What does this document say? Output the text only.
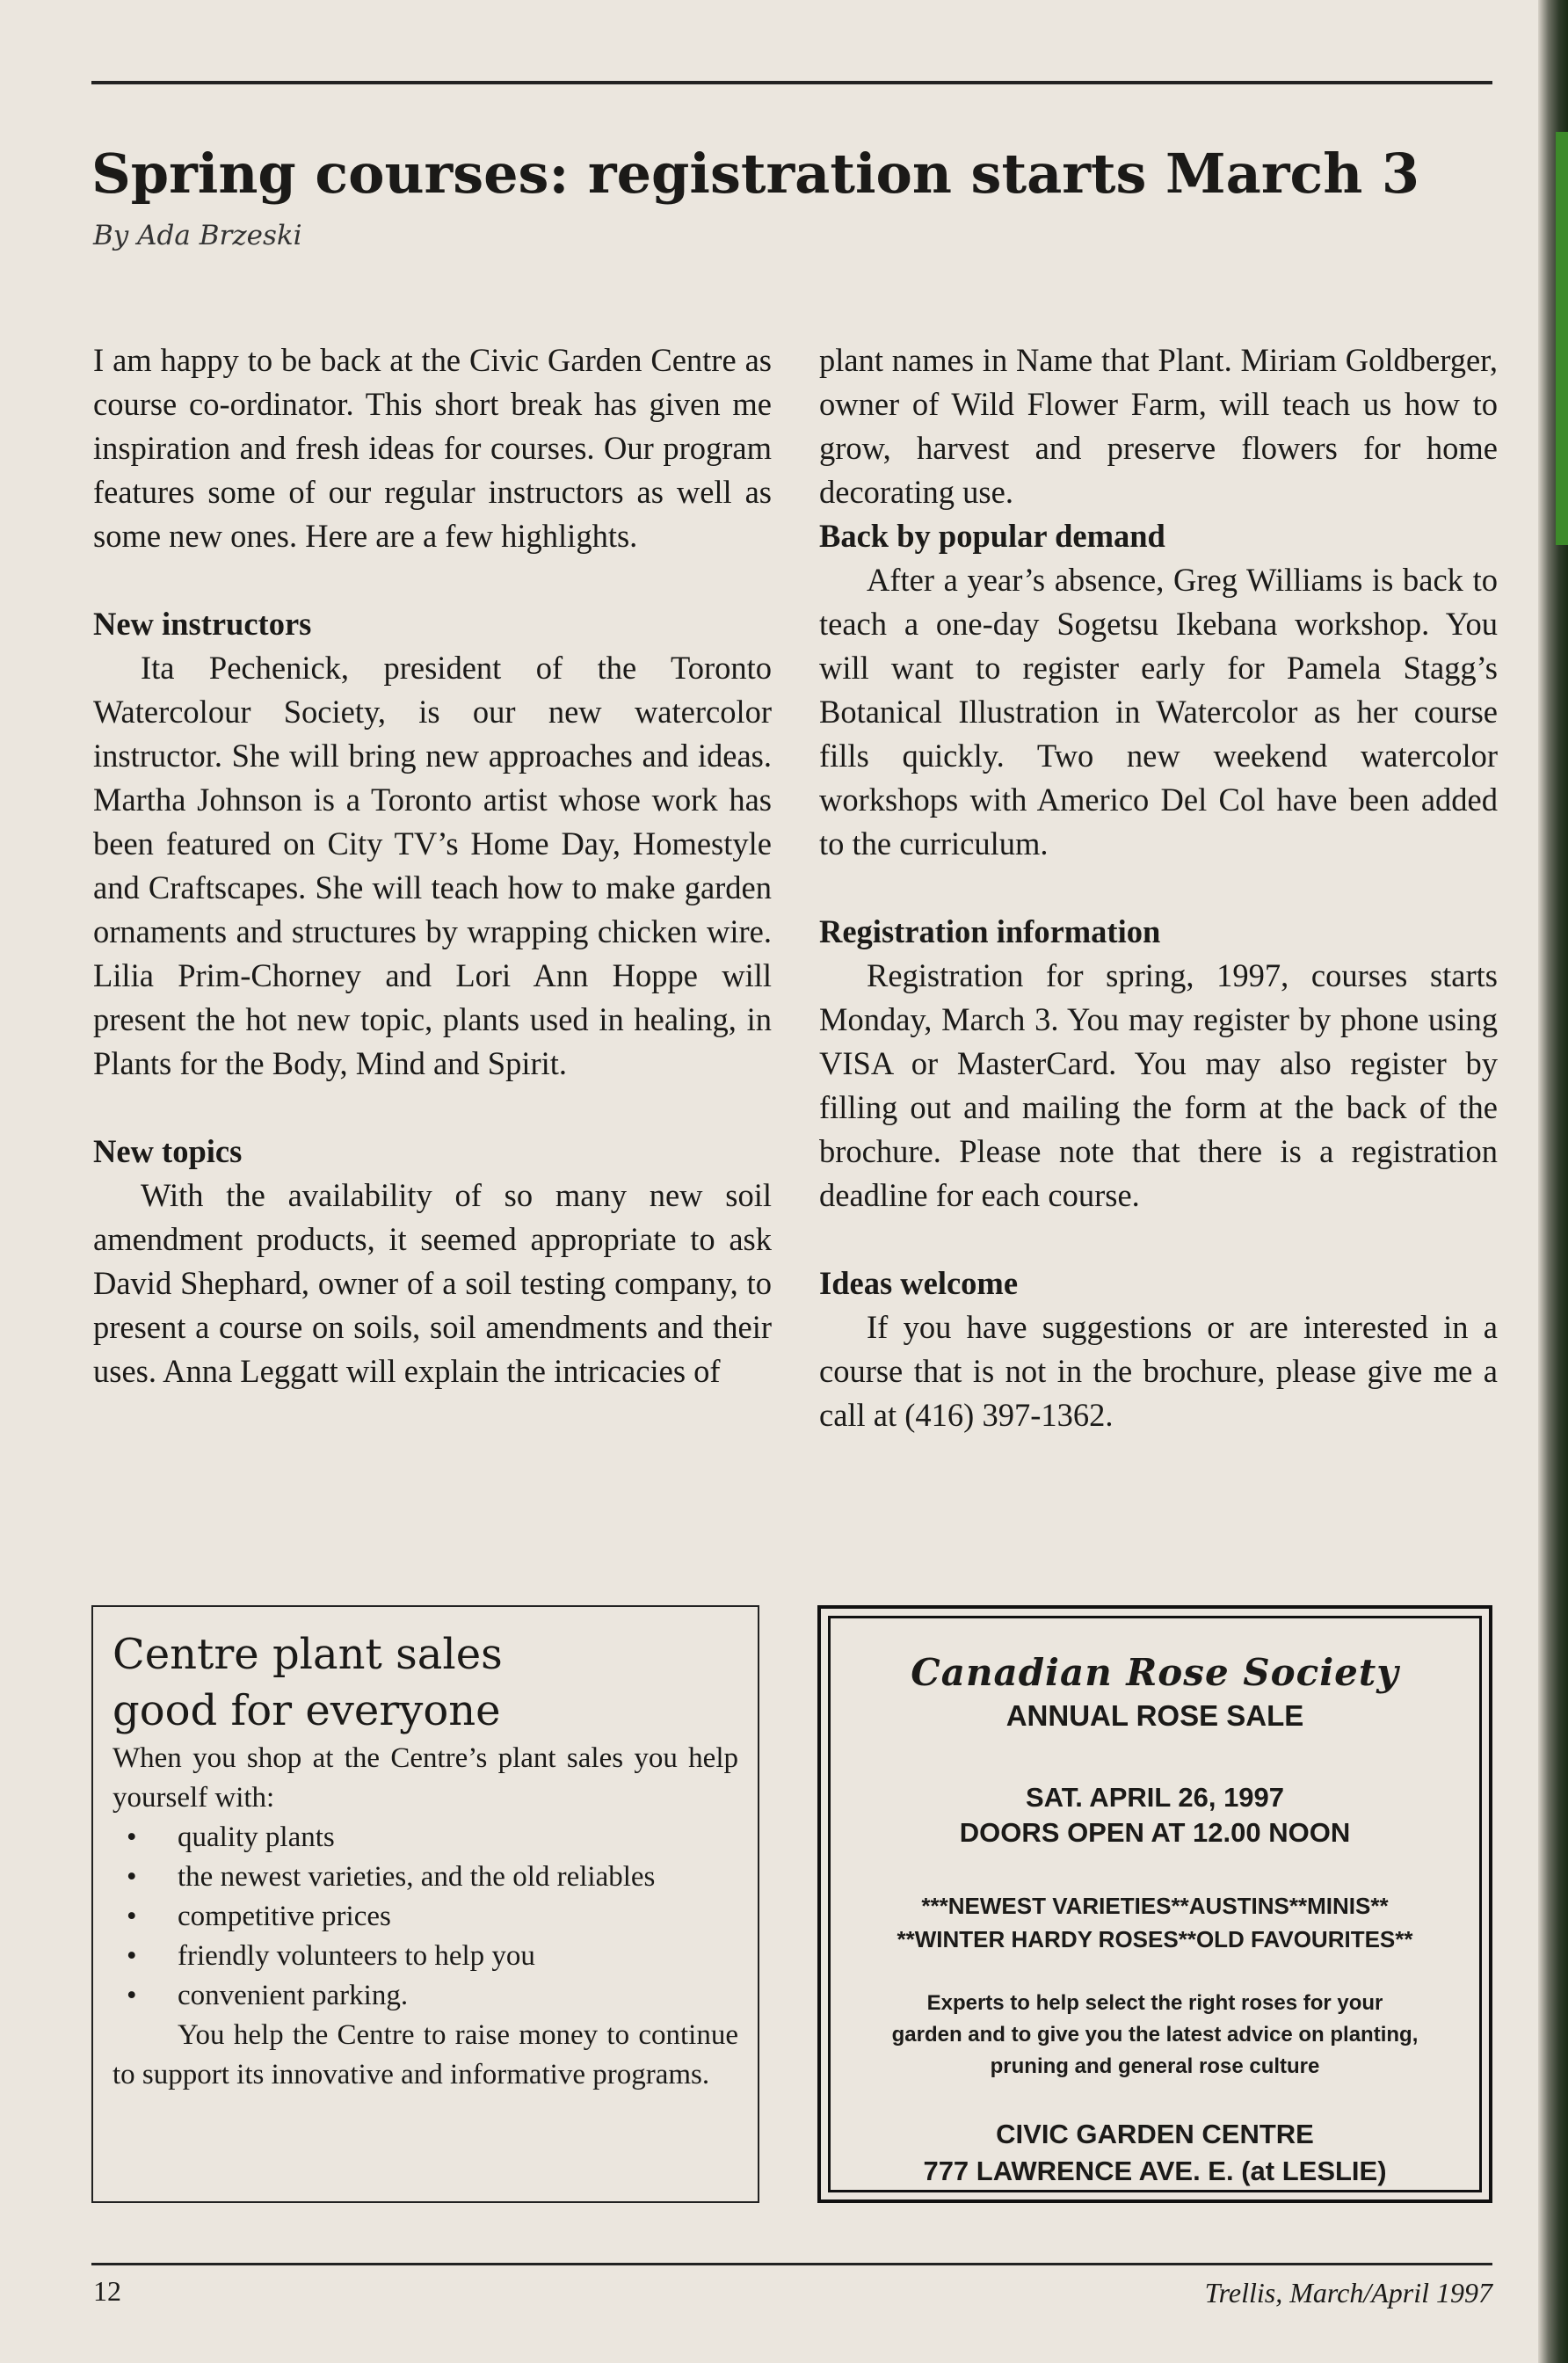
Spring courses: registration starts March 3
By Ada Brzeski

I am happy to be back at the Civic Garden Centre as course co-ordinator. This short break has given me inspiration and fresh ideas for courses. Our program features some of our regular instructors as well as some new ones. Here are a few highlights.

New instructors

Ita Pechenick, president of the Toronto Watercolour Society, is our new watercolor instructor. She will bring new approaches and ideas. Martha Johnson is a Toronto artist whose work has been featured on City TV’s Home Day, Homestyle and Craftscapes. She will teach how to make garden ornaments and structures by wrapping chicken wire. Lilia Prim-Chorney and Lori Ann Hoppe will present the hot new topic, plants used in healing, in Plants for the Body, Mind and Spirit.

New topics

With the availability of so many new soil amendment products, it seemed appropriate to ask David Shephard, owner of a soil testing company, to present a course on soils, soil amendments and their uses. Anna Leggatt will explain the intricacies of

plant names in Name that Plant. Miriam Goldberger, owner of Wild Flower Farm, will teach us how to grow, harvest and preserve flowers for home decorating use.

Back by popular demand

After a year’s absence, Greg Williams is back to teach a one-day Sogetsu Ikebana workshop. You will want to register early for Pamela Stagg’s Botanical Illustration in Watercolor as her course fills quickly. Two new weekend watercolor workshops with Americo Del Col have been added to the curriculum.

Registration information

Registration for spring, 1997, courses starts Monday, March 3. You may register by phone using VISA or MasterCard. You may also register by filling out and mailing the form at the back of the brochure. Please note that there is a registration deadline for each course.

Ideas welcome

If you have suggestions or are interested in a course that is not in the brochure, please give me a call at (416) 397-1362.

Centre plant sales
good for everyone

When you shop at the Centre’s plant sales you help yourself with:

• quality plants
• the newest varieties, and the old reliables
• competitive prices
• friendly volunteers to help you
• convenient parking.

You help the Centre to raise money to continue to support its innovative and informative programs.

Canadian Rose Society
ANNUAL ROSE SALE
SAT. APRIL 26, 1997
DOORS OPEN AT 12.00 NOON
***NEWEST VARIETIES**AUSTINS**MINIS**
**WINTER HARDY ROSES**OLD FAVOURITES**
Experts to help select the right roses for your
garden and to give you the latest advice on planting,
pruning and general rose culture
CIVIC GARDEN CENTRE
777 LAWRENCE AVE. E. (at LESLIE)
12	Trellis, March/April 1997
